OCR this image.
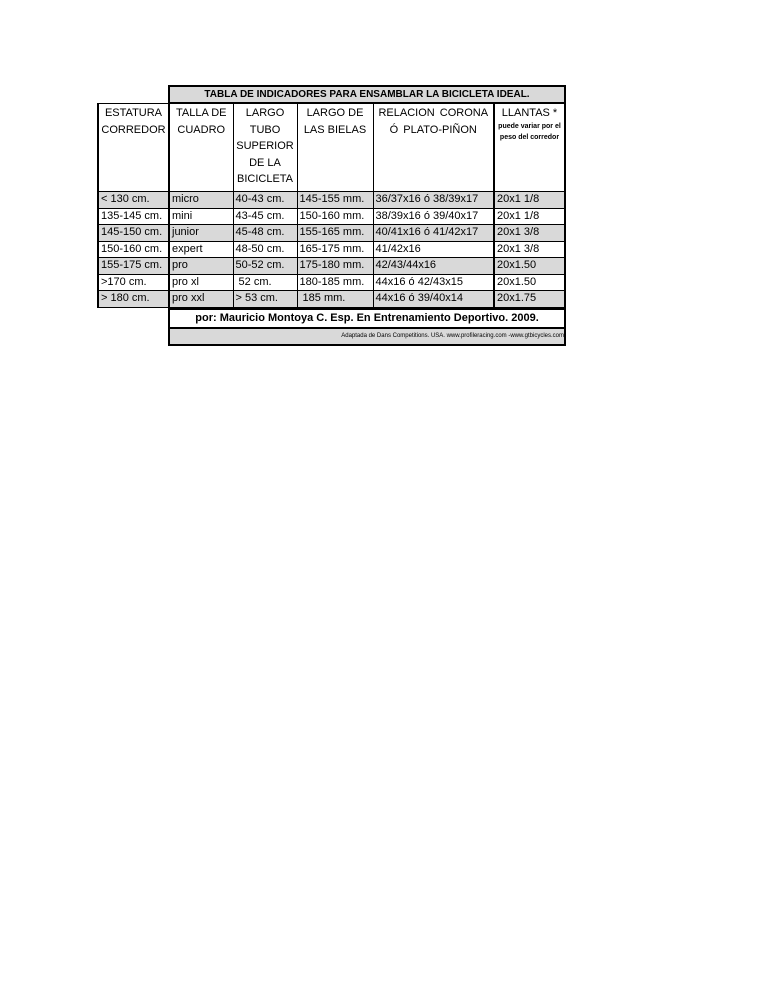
TABLA DE INDICADORES PARA ENSAMBLAR LA BICICLETA IDEAL.
ESTATURA CORREDOR	TALLA DE CUADRO	LARGO TUBO SUPERIOR DE LA BICICLETA	LARGO DE LAS BIELAS	RELACION CORONA Ó PLATO-PIÑON	LLANTAS *
puede variar por el peso del corredor

< 130 cm.	micro	40-43 cm.	145-155 mm.	36/37x16 ó 38/39x17	20x1 1/8
135-145 cm.	mini	43-45 cm.	150-160 mm.	38/39x16 ó 39/40x17	20x1 1/8
145-150 cm.	junior	45-48 cm.	155-165 mm.	40/41x16 ó 41/42x17	20x1 3/8
150-160 cm.	expert	48-50 cm.	165-175 mm.	41/42x16	20x1 3/8
155-175 cm.	pro	50-52 cm.	175-180 mm.	42/43/44x16	20x1.50
>170 cm.	pro xl	52 cm.	180-185 mm.	44x16 ó 42/43x15	20x1.50
> 180 cm.	pro xxl	> 53 cm.	185 mm.	44x16 ó 39/40x14	20x1.75
por: Mauricio Montoya C. Esp. En Entrenamiento Deportivo. 2009.
Adaptada de Dans Competitions. USA. www.profileracing.com -www.gtbicycles.com
